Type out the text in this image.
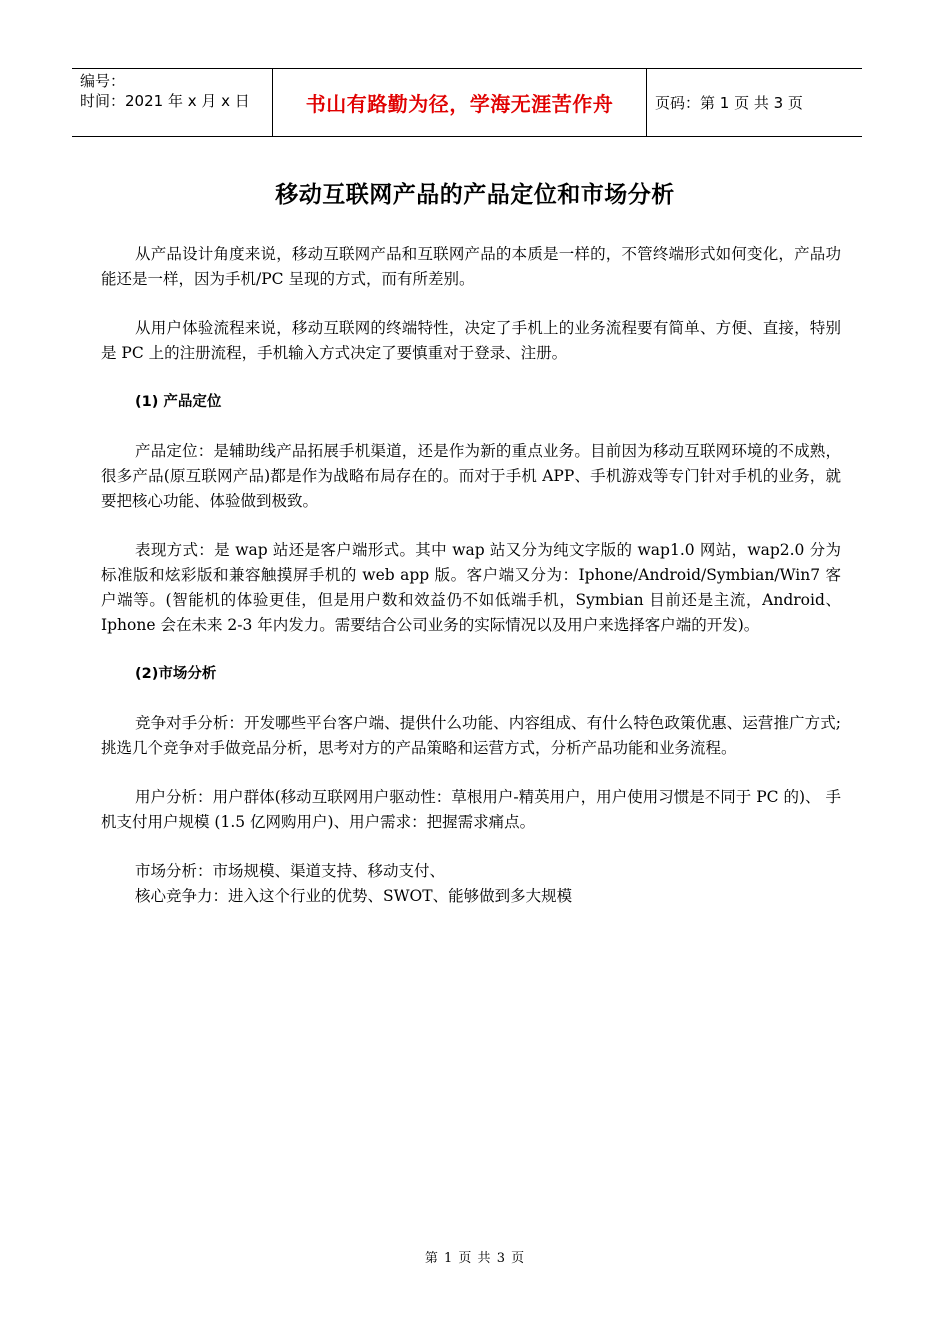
编号：
时间：2021 年 x 月 x 日	书山有路勤为径，学海无涯苦作舟	页码：第 1 页 共 3 页
移动互联网产品的产品定位和市场分析

从产品设计角度来说，移动互联网产品和互联网产品的本质是一样的，不管终端形式如何变化，产品功能还是一样，因为手机/PC 呈现的方式，而有所差别。

从用户体验流程来说，移动互联网的终端特性，决定了手机上的业务流程要有简单、方便、直接，特别是 PC 上的注册流程，手机输入方式决定了要慎重对于登录、注册。

(1) 产品定位

产品定位：是辅助线产品拓展手机渠道，还是作为新的重点业务。目前因为移动互联网环境的不成熟，很多产品(原互联网产品)都是作为战略布局存在的。而对于手机 APP、手机游戏等专门针对手机的业务，就要把核心功能、体验做到极致。

表现方式：是 wap 站还是客户端形式。其中 wap 站又分为纯文字版的 wap1.0 网站，wap2.0 分为标准版和炫彩版和兼容触摸屏手机的 web app 版。客户端又分为：Iphone/Android/Symbian/Win7 客户端等。(智能机的体验更佳，但是用户数和效益仍不如低端手机，Symbian 目前还是主流，Android、Iphone 会在未来 2-3 年内发力。需要结合公司业务的实际情况以及用户来选择客户端的开发)。

(2)市场分析

竞争对手分析：开发哪些平台客户端、提供什么功能、内容组成、有什么特色政策优惠、运营推广方式;挑选几个竞争对手做竞品分析，思考对方的产品策略和运营方式，分析产品功能和业务流程。

用户分析：用户群体(移动互联网用户驱动性：草根用户-精英用户，用户使用习惯是不同于 PC 的)、 手机支付用户规模 (1.5 亿网购用户)、用户需求：把握需求痛点。

市场分析：市场规模、渠道支持、移动支付、

核心竞争力：进入这个行业的优势、SWOT、能够做到多大规模

第 1 页 共 3 页
